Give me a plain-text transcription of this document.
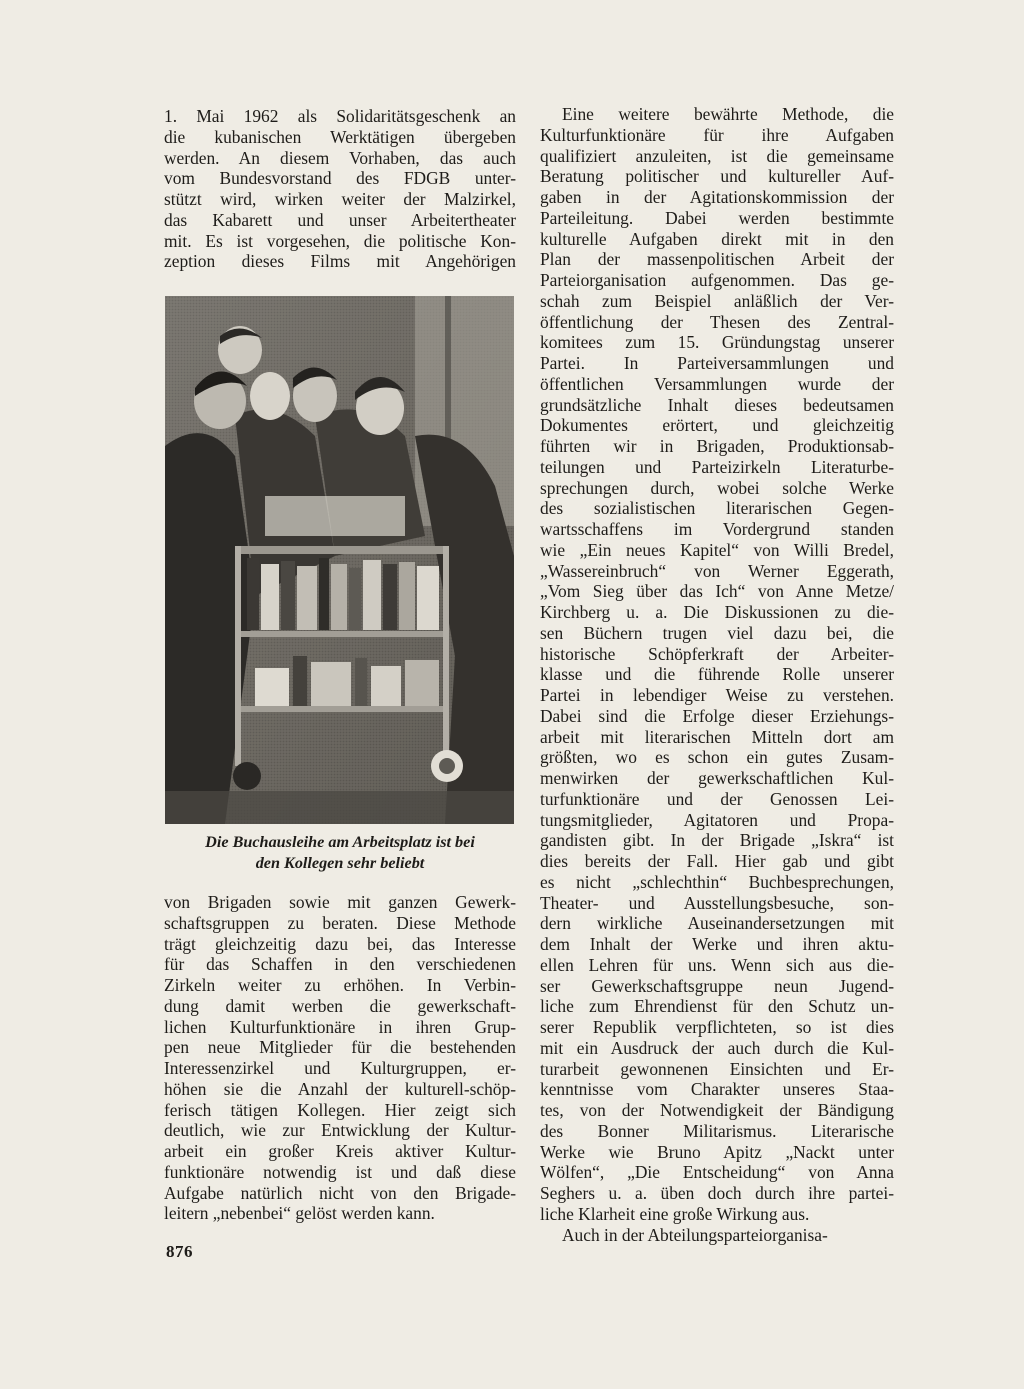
1. Mai 1962 als Solidaritätsgeschenk an
die kubanischen Werktätigen übergeben
werden. An diesem Vorhaben, das auch
vom Bundesvorstand des FDGB unter-
stützt wird, wirken weiter der Malzirkel,
das Kabarett und unser Arbeitertheater
mit. Es ist vorgesehen, die politische Kon-
zeption dieses Films mit Angehörigen
Die Buchausleihe am Arbeitsplatz ist bei
den Kollegen sehr beliebt
von Brigaden sowie mit ganzen Gewerk-
schaftsgruppen zu beraten. Diese Methode
trägt gleichzeitig dazu bei, das Interesse
für das Schaffen in den verschiedenen
Zirkeln weiter zu erhöhen. In Verbin-
dung damit werben die gewerkschaft-
lichen Kulturfunktionäre in ihren Grup-
pen neue Mitglieder für die bestehenden
Interessenzirkel und Kulturgruppen, er-
höhen sie die Anzahl der kulturell-schöp-
ferisch tätigen Kollegen. Hier zeigt sich
deutlich, wie zur Entwicklung der Kultur-
arbeit ein großer Kreis aktiver Kultur-
funktionäre notwendig ist und daß diese
Aufgabe natürlich nicht von den Brigade-
leitern „nebenbei“ gelöst werden kann.
Eine weitere bewährte Methode, die
Kulturfunktionäre für ihre Aufgaben
qualifiziert anzuleiten, ist die gemeinsame
Beratung politischer und kultureller Auf-
gaben in der Agitationskommission der
Parteileitung. Dabei werden bestimmte
kulturelle Aufgaben direkt mit in den
Plan der massenpolitischen Arbeit der
Parteiorganisation aufgenommen. Das ge-
schah zum Beispiel anläßlich der Ver-
öffentlichung der Thesen des Zentral-
komitees zum 15. Gründungstag unserer
Partei. In Parteiversammlungen und
öffentlichen Versammlungen wurde der
grundsätzliche Inhalt dieses bedeutsamen
Dokumentes erörtert, und gleichzeitig
führten wir in Brigaden, Produktionsab-
teilungen und Parteizirkeln Literaturbe-
sprechungen durch, wobei solche Werke
des sozialistischen literarischen Gegen-
wartsschaffens im Vordergrund standen
wie „Ein neues Kapitel“ von Willi Bredel,
„Wassereinbruch“ von Werner Eggerath,
„Vom Sieg über das Ich“ von Anne Metze/
Kirchberg u. a. Die Diskussionen zu die-
sen Büchern trugen viel dazu bei, die
historische Schöpferkraft der Arbeiter-
klasse und die führende Rolle unserer
Partei in lebendiger Weise zu verstehen.
Dabei sind die Erfolge dieser Erziehungs-
arbeit mit literarischen Mitteln dort am
größten, wo es schon ein gutes Zusam-
menwirken der gewerkschaftlichen Kul-
turfunktionäre und der Genossen Lei-
tungsmitglieder, Agitatoren und Propa-
gandisten gibt. In der Brigade „Iskra“ ist
dies bereits der Fall. Hier gab und gibt
es nicht „schlechthin“ Buchbesprechungen,
Theater- und Ausstellungsbesuche, son-
dern wirkliche Auseinandersetzungen mit
dem Inhalt der Werke und ihren aktu-
ellen Lehren für uns. Wenn sich aus die-
ser Gewerkschaftsgruppe neun Jugend-
liche zum Ehrendienst für den Schutz un-
serer Republik verpflichteten, so ist dies
mit ein Ausdruck der auch durch die Kul-
turarbeit gewonnenen Einsichten und Er-
kenntnisse vom Charakter unseres Staa-
tes, von der Notwendigkeit der Bändigung
des Bonner Militarismus. Literarische
Werke wie Bruno Apitz „Nackt unter
Wölfen“, „Die Entscheidung“ von Anna
Seghers u. a. üben doch durch ihre partei-
liche Klarheit eine große Wirkung aus.
Auch in der Abteilungsparteiorganisa-
876
